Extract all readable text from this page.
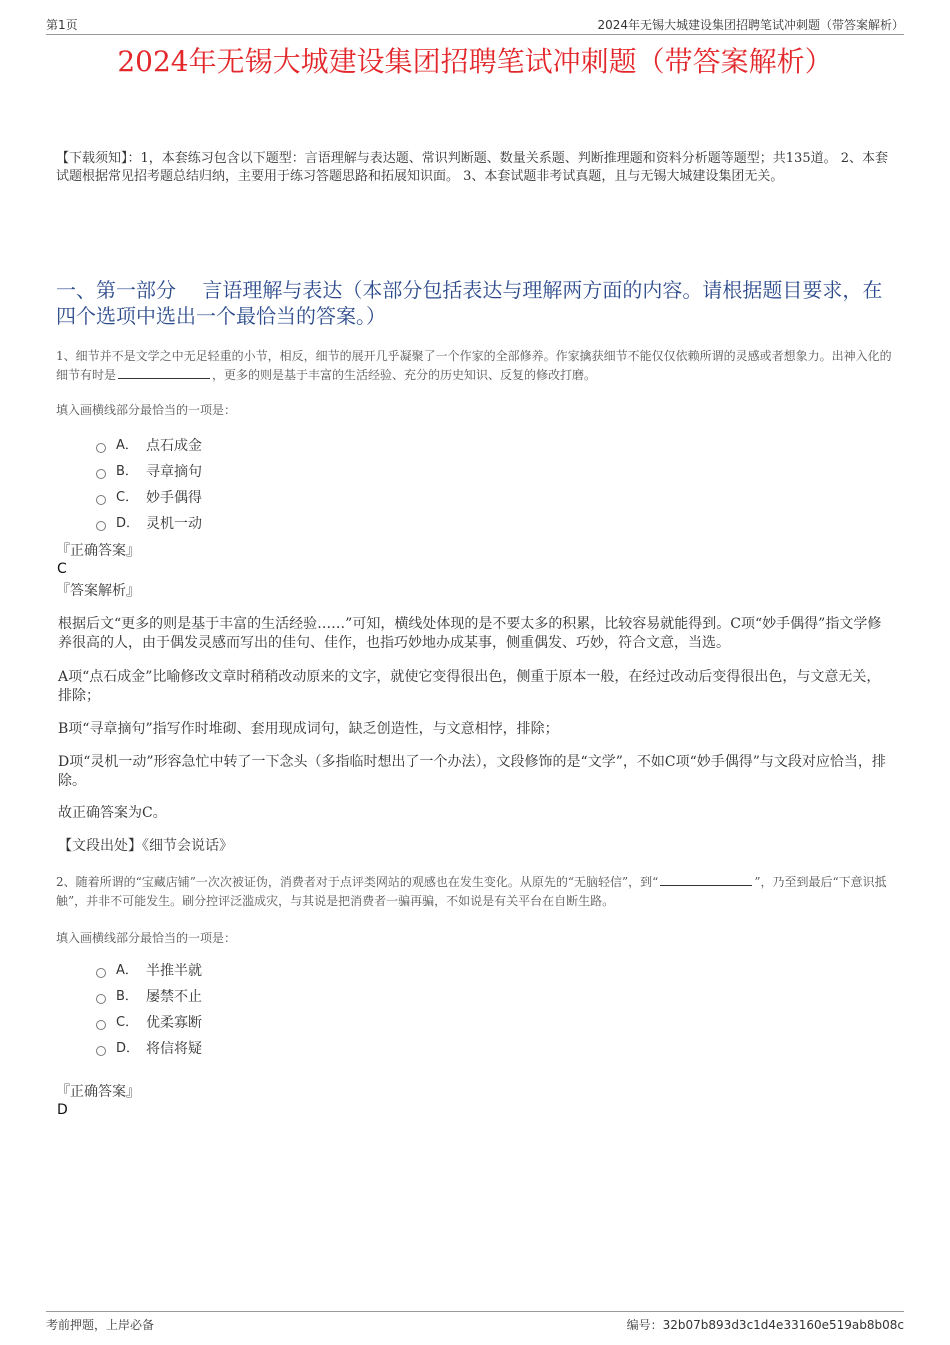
第1页	2024年无锡大城建设集团招聘笔试冲刺题（带答案解析）
2024年无锡大城建设集团招聘笔试冲刺题（带答案解析）
【下载须知】：1，本套练习包含以下题型：言语理解与表达题、常识判断题、数量关系题、判断推理题和资料分析题等题型；共135道。 2、本套试题根据常见招考题总结归纳，主要用于练习答题思路和拓展知识面。 3、本套试题非考试真题，且与无锡大城建设集团无关。
一、第一部分　 言语理解与表达（本部分包括表达与理解两方面的内容。请根据题目要求，在四个选项中选出一个最恰当的答案。）
1、细节并不是文学之中无足轻重的小节，相反，细节的展开几乎凝聚了一个作家的全部修养。作家擒获细节不能仅仅依赖所谓的灵感或者想象力。出神入化的细节有时是	，更多的则是基于丰富的生活经验、充分的历史知识、反复的修改打磨。
填入画横线部分最恰当的一项是：
A． 点石成金
B． 寻章摘句
C． 妙手偶得
D． 灵机一动
『正确答案』
C
『答案解析』
根据后文“更多的则是基于丰富的生活经验……”可知，横线处体现的是不要太多的积累，比较容易就能得到。C项“妙手偶得”指文学修养很高的人，由于偶发灵感而写出的佳句、佳作，也指巧妙地办成某事，侧重偶发、巧妙，符合文意，当选。
A项“点石成金”比喻修改文章时稍稍改动原来的文字，就使它变得很出色，侧重于原本一般，在经过改动后变得很出色，与文意无关，排除；
B项“寻章摘句”指写作时堆砌、套用现成词句，缺乏创造性，与文意相悖，排除；
D项“灵机一动”形容急忙中转了一下念头（多指临时想出了一个办法），文段修饰的是“文学”，不如C项“妙手偶得”与文段对应恰当，排除。
故正确答案为C。
【文段出处】《细节会说话》
2、随着所谓的“宝藏店铺”一次次被证伪，消费者对于点评类网站的观感也在发生变化。从原先的“无脑轻信”，到“	”，乃至到最后“下意识抵触”，并非不可能发生。刷分控评泛滥成灾，与其说是把消费者一骗再骗，不如说是有关平台在自断生路。
填入画横线部分最恰当的一项是：
A． 半推半就
B． 屡禁不止
C． 优柔寡断
D． 将信将疑
『正确答案』
D
考前押题，上岸必备	编号：32b07b893d3c1d4e33160e519ab8b08c
